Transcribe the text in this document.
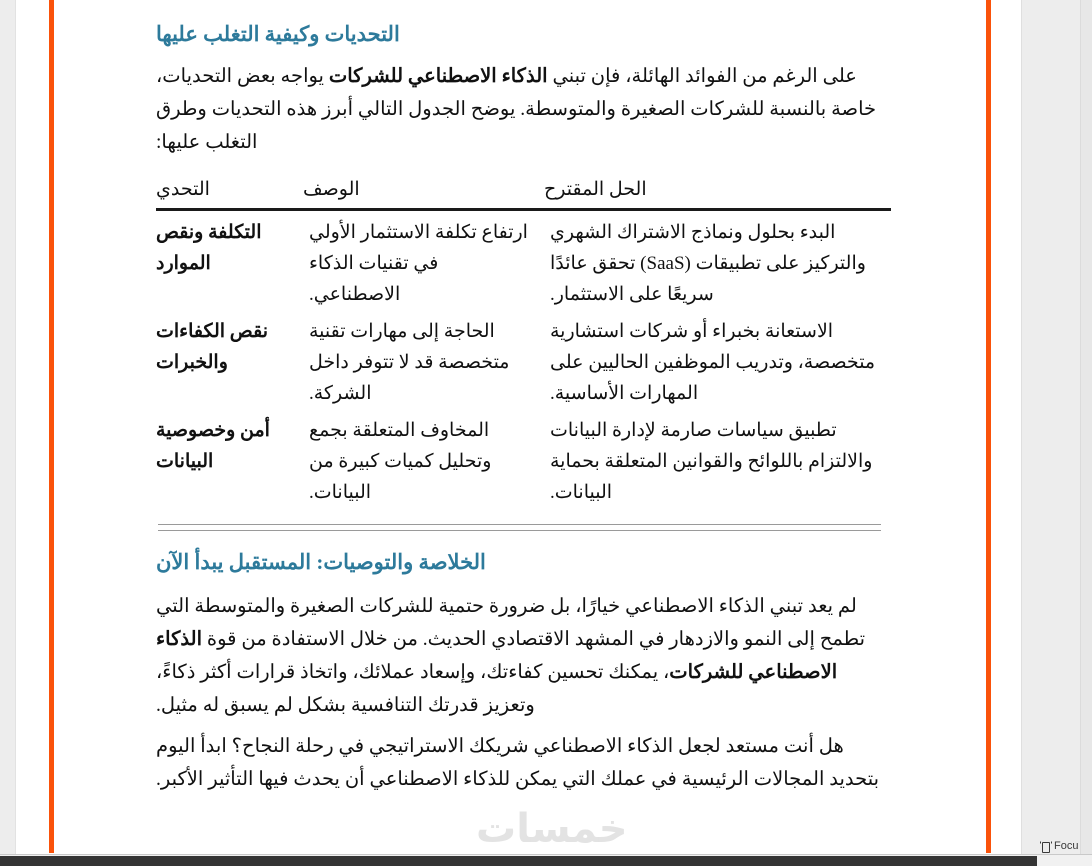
التحديات وكيفية التغلب عليها

على الرغم من الفوائد الهائلة، فإن تبني الذكاء الاصطناعي للشركات يواجه بعض التحديات، خاصة بالنسبة للشركات الصغيرة والمتوسطة. يوضح الجدول التالي أبرز هذه التحديات وطرق التغلب عليها:

التحدي	الوصف	الحل المقترح
التكلفة ونقص الموارد	ارتفاع تكلفة الاستثمار الأولي في تقنيات الذكاء الاصطناعي.	البدء بحلول ونماذج الاشتراك الشهري والتركيز على تطبيقات (SaaS) تحقق عائدًا سريعًا على الاستثمار.
نقص الكفاءات والخبرات	الحاجة إلى مهارات تقنية متخصصة قد لا تتوفر داخل الشركة.	الاستعانة بخبراء أو شركات استشارية متخصصة، وتدريب الموظفين الحاليين على المهارات الأساسية.
أمن وخصوصية البيانات	المخاوف المتعلقة بجمع وتحليل كميات كبيرة من البيانات.	تطبيق سياسات صارمة لإدارة البيانات والالتزام باللوائح والقوانين المتعلقة بحماية البيانات.
الخلاصة والتوصيات: المستقبل يبدأ الآن

لم يعد تبني الذكاء الاصطناعي خيارًا، بل ضرورة حتمية للشركات الصغيرة والمتوسطة التي تطمح إلى النمو والازدهار في المشهد الاقتصادي الحديث. من خلال الاستفادة من قوة الذكاء الاصطناعي للشركات، يمكنك تحسين كفاءتك، وإسعاد عملائك، واتخاذ قرارات أكثر ذكاءً، وتعزيز قدرتك التنافسية بشكل لم يسبق له مثيل.

هل أنت مستعد لجعل الذكاء الاصطناعي شريكك الاستراتيجي في رحلة النجاح؟ ابدأ اليوم بتحديد المجالات الرئيسية في عملك التي يمكن للذكاء الاصطناعي أن يحدث فيها التأثير الأكبر.

خمسات	Focu
